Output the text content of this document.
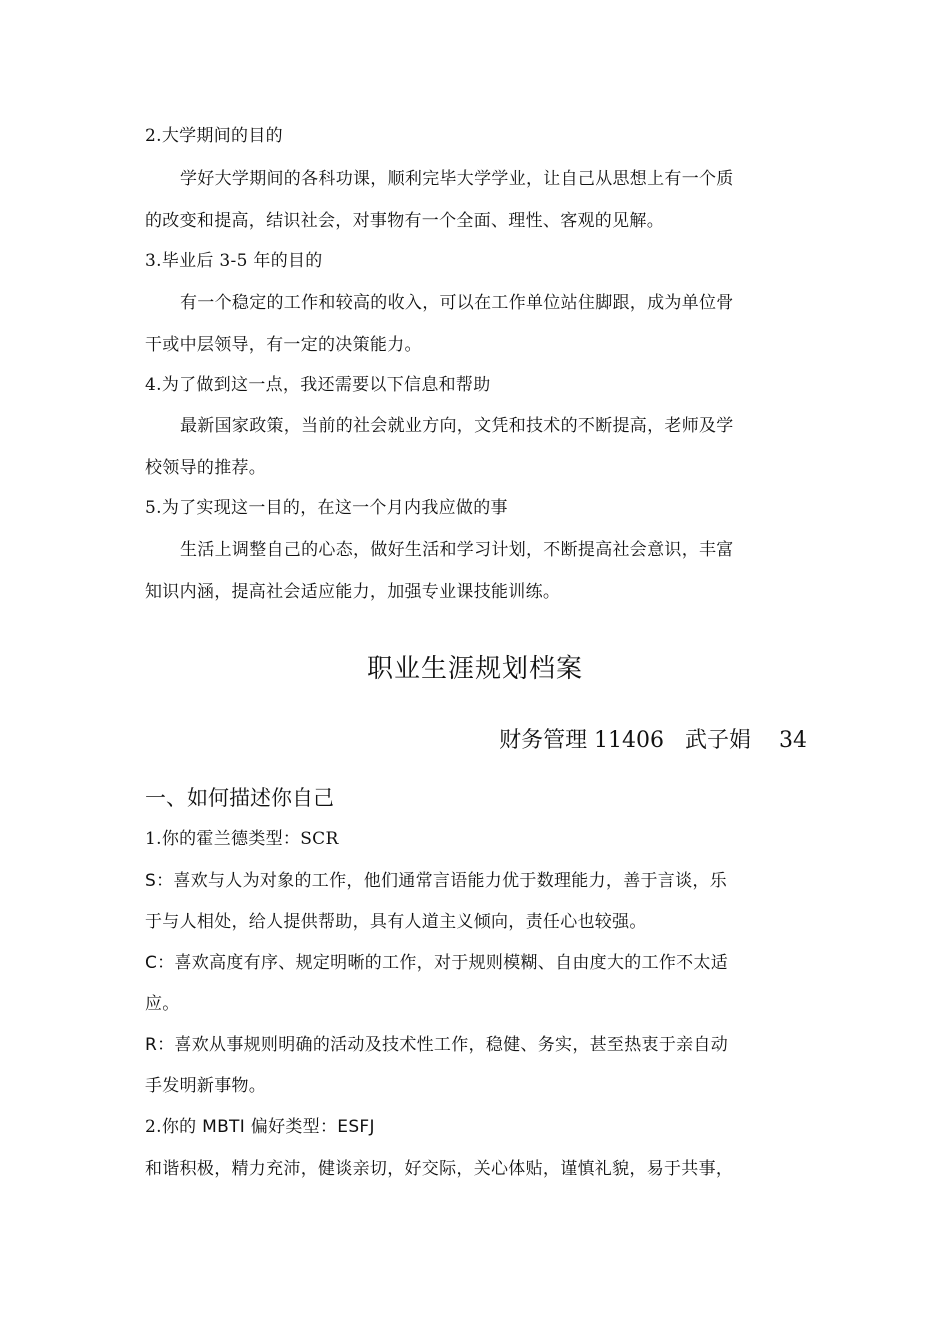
2.大学期间的目的
学好大学期间的各科功课，顺利完毕大学学业，让自己从思想上有一个质
的改变和提高，结识社会，对事物有一个全面、理性、客观的见解。
3.毕业后 3-5 年的目的
有一个稳定的工作和较高的收入，可以在工作单位站住脚跟，成为单位骨
干或中层领导，有一定的决策能力。
4.为了做到这一点，我还需要以下信息和帮助
最新国家政策，当前的社会就业方向，文凭和技术的不断提高，老师及学
校领导的推荐。
5.为了实现这一目的，在这一个月内我应做的事
生活上调整自己的心态，做好生活和学习计划，不断提高社会意识，丰富
知识内涵，提高社会适应能力，加强专业课技能训练。
职业生涯规划档案
财务管理 11406   武子娟    34
一、如何描述你自己
1.你的霍兰德类型：SCR
S：喜欢与人为对象的工作，他们通常言语能力优于数理能力，善于言谈，乐
于与人相处，给人提供帮助，具有人道主义倾向，责任心也较强。
C：喜欢高度有序、规定明晰的工作，对于规则模糊、自由度大的工作不太适
应。
R：喜欢从事规则明确的活动及技术性工作，稳健、务实，甚至热衷于亲自动
手发明新事物。
2.你的 MBTI 偏好类型：ESFJ
和谐积极，精力充沛，健谈亲切，好交际，关心体贴，谨慎礼貌，易于共事，
